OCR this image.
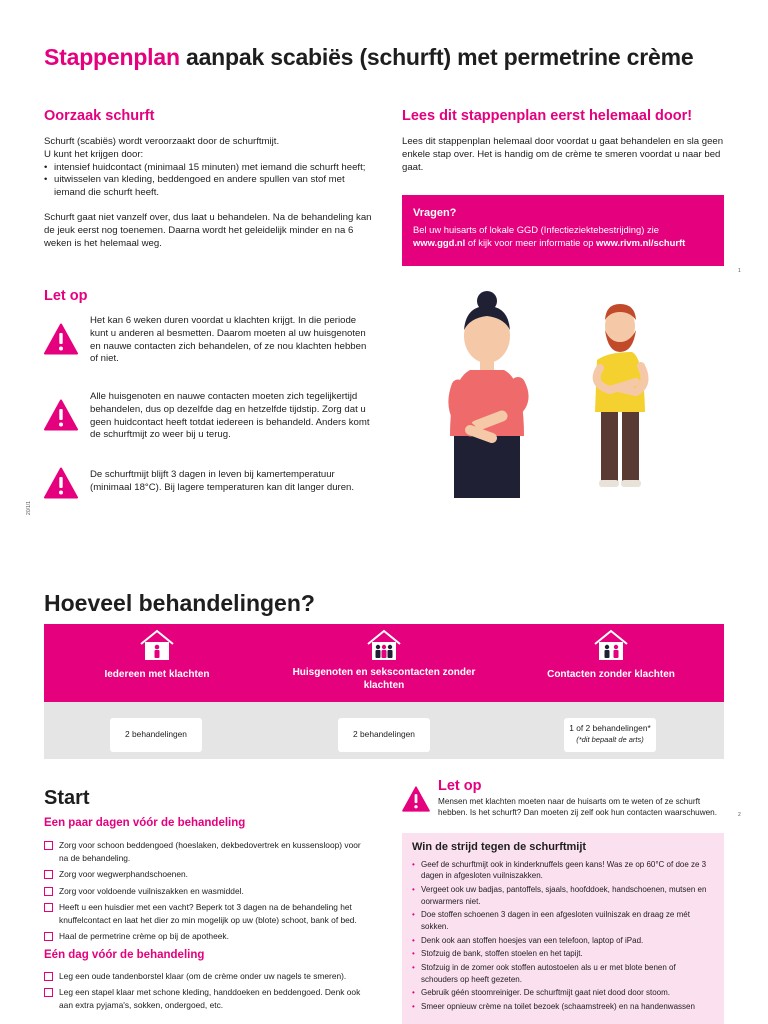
Stappenplan aanpak scabiës (schurft) met permetrine crème
Oorzaak schurft

Schurft (scabiës) wordt veroorzaakt door de schurftmijt.

U kunt het krijgen door:

• intensief huidcontact (minimaal 15 minuten) met iemand die schurft heeft;
• uitwisselen van kleding, beddengoed en andere spullen van stof met iemand die schurft heeft.

Schurft gaat niet vanzelf over, dus laat u behandelen. Na de behandeling kan de jeuk eerst nog toenemen. Daarna wordt het geleidelijk minder en na 6 weken is het helemaal weg.

Lees dit stappenplan eerst helemaal door!

Lees dit stappenplan helemaal door voordat u gaat behandelen en sla geen enkele stap over. Het is handig om de crème te smeren voordat u naar bed gaat.

Vragen?
Bel uw huisarts of lokale GGD (Infectieziektebestrijding) zie
www.ggd.nl of kijk voor meer informatie op www.rivm.nl/schurft
1
2
20/1/1
Let op
Het kan 6 weken duren voordat u klachten krijgt. In die periode kunt u anderen al besmetten. Daarom moeten al uw huisgenoten en nauwe contacten zich behandelen, of ze nou klachten hebben of niet.
Alle huisgenoten en nauwe contacten moeten zich tegelijkertijd behandelen, dus op dezelfde dag en hetzelfde tijdstip. Zorg dat u geen huidcontact heeft totdat iedereen is behandeld. Anders komt de schurftmijt zo weer bij u terug.
De schurftmijt blijft 3 dagen in leven bij kamertemperatuur (minimaal 18°C). Bij lagere temperaturen kan dit langer duren.
Hoeveel behandelingen?
Iedereen met klachten	Huisgenoten en sekscontacten zonder klachten
Contacten zonder klachten
2 behandelingen	2 behandelingen
1 of 2 behandelingen*
(*dit bepaalt de arts)
Start
Een paar dagen vóór de behandeling
Zorg voor schoon beddengoed (hoeslaken, dekbedovertrek en kussensloop) voor na de behandeling.
Zorg voor wegwerphandschoenen.
Zorg voor voldoende vuilniszakken en wasmiddel.
Heeft u een huisdier met een vacht? Beperk tot 3 dagen na de behandeling het knuffelcontact en laat het dier zo min mogelijk op uw (blote) schoot, bank of bed.
Haal de permetrine crème op bij de apotheek.
Eén dag vóór de behandeling
Leg een oude tandenborstel klaar (om de crème onder uw nagels te smeren).
Leg een stapel klaar met schone kleding, handdoeken en beddengoed. Denk ook aan extra pyjama's, sokken, ondergoed, etc.
Let op
Mensen met klachten moeten naar de huisarts om te weten of ze schurft hebben. Is het schurft? Dan moeten zij zelf ook hun contacten waarschuwen.
Win de strijd tegen de schurftmijt
• Geef de schurftmijt ook in kinderknuffels geen kans! Was ze op 60°C of doe ze 3 dagen in afgesloten vuilniszakken.
• Vergeet ook uw badjas, pantoffels, sjaals, hoofddoek, handschoenen, mutsen en oorwarmers niet.
• Doe stoffen schoenen 3 dagen in een afgesloten vuilniszak en draag ze mét sokken.
• Denk ook aan stoffen hoesjes van een telefoon, laptop of iPad.
• Stofzuig de bank, stoffen stoelen en het tapijt.
• Stofzuig in de zomer ook stoffen autostoelen als u er met blote benen of schouders op heeft gezeten.
• Gebruik géén stoomreiniger. De schurftmijt gaat niet dood door stoom.
• Smeer opnieuw crème na toilet bezoek (schaamstreek) en na handenwassen
